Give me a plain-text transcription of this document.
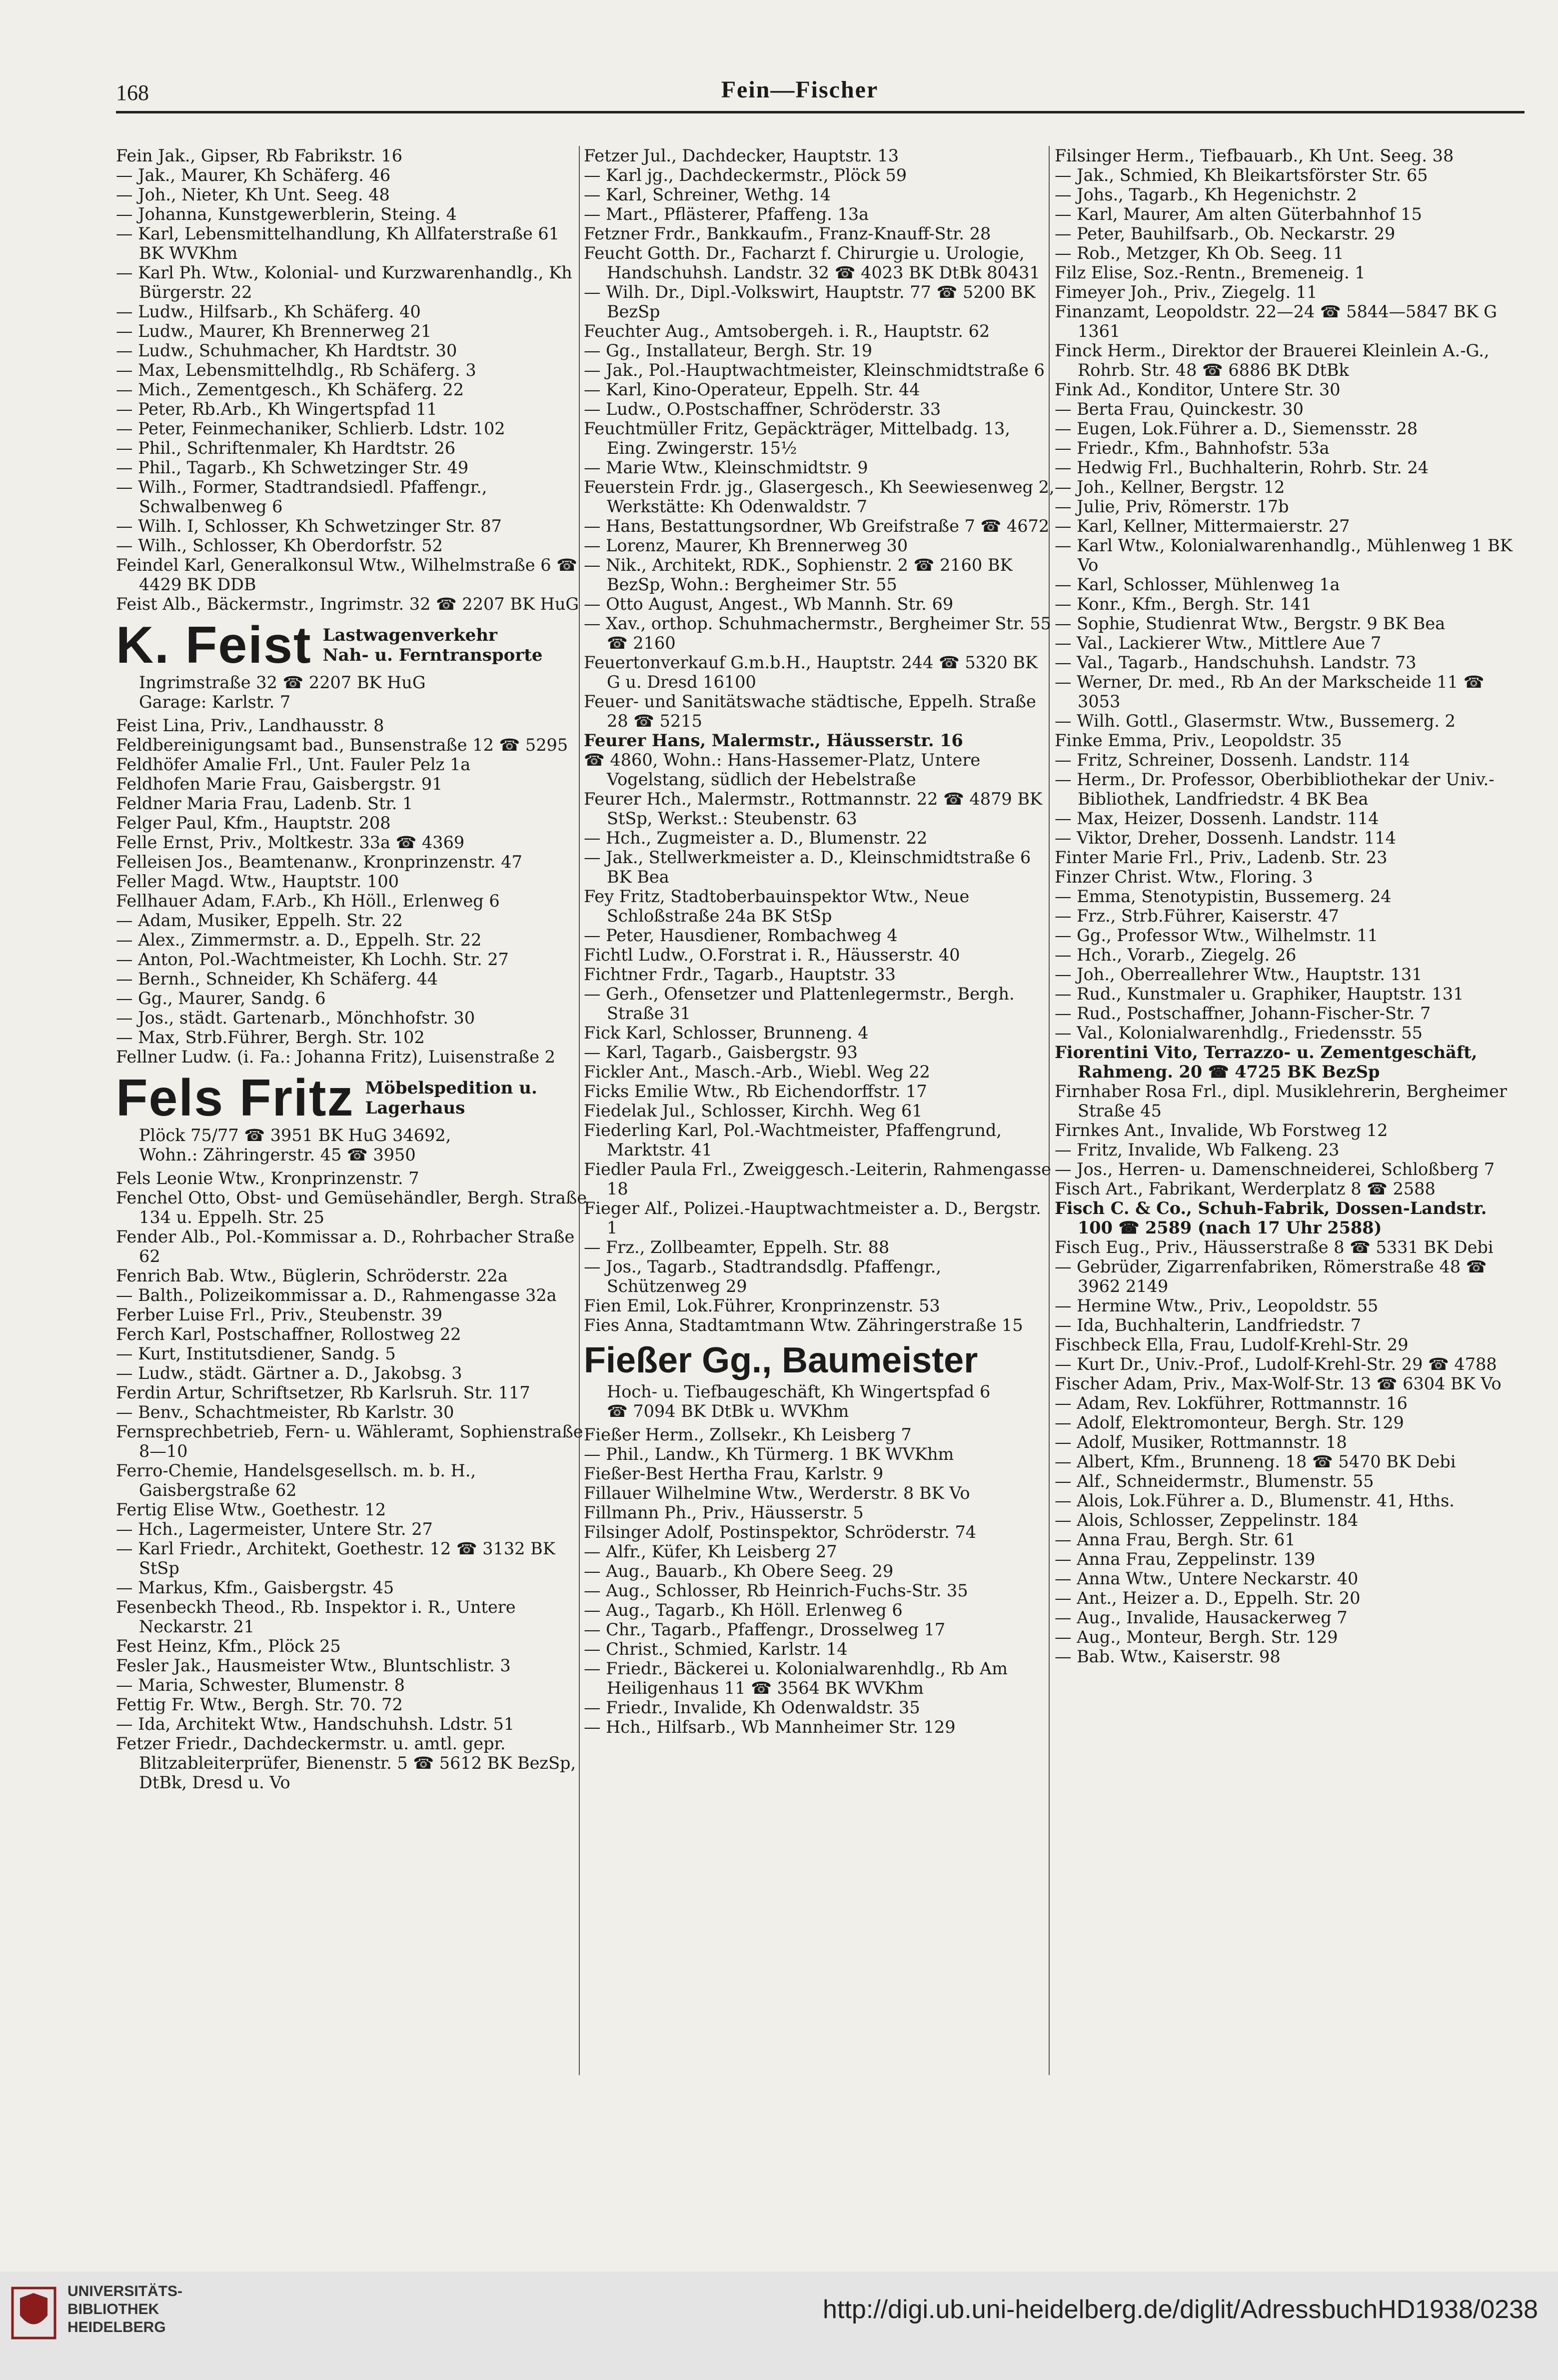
168	Fein—Fischer
Fein Jak., Gipser, Rb Fabrikstr. 16
— Jak., Maurer, Kh Schäferg. 46
— Joh., Nieter, Kh Unt. Seeg. 48
— Johanna, Kunstgewerblerin, Steing. 4
— Karl, Lebensmittelhandlung, Kh Allfaterstraße 61 BK WVKhm
— Karl Ph. Wtw., Kolonial- und Kurzwarenhandlg., Kh Bürgerstr. 22
— Ludw., Hilfsarb., Kh Schäferg. 40
— Ludw., Maurer, Kh Brennerweg 21
— Ludw., Schuhmacher, Kh Hardtstr. 30
— Max, Lebensmittelhdlg., Rb Schäferg. 3
— Mich., Zementgesch., Kh Schäferg. 22
— Peter, Rb.Arb., Kh Wingertspfad 11
— Peter, Feinmechaniker, Schlierb. Ldstr. 102
— Phil., Schriftenmaler, Kh Hardtstr. 26
— Phil., Tagarb., Kh Schwetzinger Str. 49
— Wilh., Former, Stadtrandsiedl. Pfaffengr., Schwalbenweg 6
— Wilh. I, Schlosser, Kh Schwetzinger Str. 87
— Wilh., Schlosser, Kh Oberdorfstr. 52
Feindel Karl, Generalkonsul Wtw., Wilhelmstraße 6 ☎ 4429 BK DDB
Feist Alb., Bäckermstr., Ingrimstr. 32 ☎ 2207 BK HuG
K. Feist Lastwagenverkehr
Nah- u. Ferntransporte
Ingrimstraße 32 ☎ 2207 BK HuG
Garage: Karlstr. 7
Feist Lina, Priv., Landhausstr. 8
Feldbereinigungsamt bad., Bunsenstraße 12 ☎ 5295
Feldhöfer Amalie Frl., Unt. Fauler Pelz 1a
Feldhofen Marie Frau, Gaisbergstr. 91
Feldner Maria Frau, Ladenb. Str. 1
Felger Paul, Kfm., Hauptstr. 208
Felle Ernst, Priv., Moltkestr. 33a ☎ 4369
Felleisen Jos., Beamtenanw., Kronprinzenstr. 47
Feller Magd. Wtw., Hauptstr. 100
Fellhauer Adam, F.Arb., Kh Höll., Erlenweg 6
— Adam, Musiker, Eppelh. Str. 22
— Alex., Zimmermstr. a. D., Eppelh. Str. 22
— Anton, Pol.-Wachtmeister, Kh Lochh. Str. 27
— Bernh., Schneider, Kh Schäferg. 44
— Gg., Maurer, Sandg. 6
— Jos., städt. Gartenarb., Mönchhofstr. 30
— Max, Strb.Führer, Bergh. Str. 102
Fellner Ludw. (i. Fa.: Johanna Fritz), Luisenstraße 2
Fels Fritz Möbelspedition u.
Lagerhaus
Plöck 75/77 ☎ 3951 BK HuG 34692,
Wohn.: Zähringerstr. 45 ☎ 3950
Fels Leonie Wtw., Kronprinzenstr. 7
Fenchel Otto, Obst- und Gemüsehändler, Bergh. Straße 134 u. Eppelh. Str. 25
Fender Alb., Pol.-Kommissar a. D., Rohrbacher Straße 62
Fenrich Bab. Wtw., Büglerin, Schröderstr. 22a
— Balth., Polizeikommissar a. D., Rahmengasse 32a
Ferber Luise Frl., Priv., Steubenstr. 39
Ferch Karl, Postschaffner, Rollostweg 22
— Kurt, Institutsdiener, Sandg. 5
— Ludw., städt. Gärtner a. D., Jakobsg. 3
Ferdin Artur, Schriftsetzer, Rb Karlsruh. Str. 117
— Benv., Schachtmeister, Rb Karlstr. 30
Fernsprechbetrieb, Fern- u. Wähleramt, Sophienstraße 8—10
Ferro-Chemie, Handelsgesellsch. m. b. H., Gaisbergstraße 62
Fertig Elise Wtw., Goethestr. 12
— Hch., Lagermeister, Untere Str. 27
— Karl Friedr., Architekt, Goethestr. 12 ☎ 3132 BK StSp
— Markus, Kfm., Gaisbergstr. 45
Fesenbeckh Theod., Rb. Inspektor i. R., Untere Neckarstr. 21
Fest Heinz, Kfm., Plöck 25
Fesler Jak., Hausmeister Wtw., Bluntschlistr. 3
— Maria, Schwester, Blumenstr. 8
Fettig Fr. Wtw., Bergh. Str. 70. 72
— Ida, Architekt Wtw., Handschuhsh. Ldstr. 51
Fetzer Friedr., Dachdeckermstr. u. amtl. gepr. Blitzableiterprüfer, Bienenstr. 5 ☎ 5612 BK BezSp, DtBk, Dresd u. Vo
Fetzer Jul., Dachdecker, Hauptstr. 13
— Karl jg., Dachdeckermstr., Plöck 59
— Karl, Schreiner, Wethg. 14
— Mart., Pflästerer, Pfaffeng. 13a
Fetzner Frdr., Bankkaufm., Franz-Knauff-Str. 28
Feucht Gotth. Dr., Facharzt f. Chirurgie u. Urologie, Handschuhsh. Landstr. 32 ☎ 4023 BK DtBk 80431
— Wilh. Dr., Dipl.-Volkswirt, Hauptstr. 77 ☎ 5200 BK BezSp
Feuchter Aug., Amtsobergeh. i. R., Hauptstr. 62
— Gg., Installateur, Bergh. Str. 19
— Jak., Pol.-Hauptwachtmeister, Kleinschmidtstraße 6
— Karl, Kino-Operateur, Eppelh. Str. 44
— Ludw., O.Postschaffner, Schröderstr. 33
Feuchtmüller Fritz, Gepäckträger, Mittelbadg. 13, Eing. Zwingerstr. 15½
— Marie Wtw., Kleinschmidtstr. 9
Feuerstein Frdr. jg., Glasergesch., Kh Seewiesenweg 2, Werkstätte: Kh Odenwaldstr. 7
— Hans, Bestattungsordner, Wb Greifstraße 7 ☎ 4672
— Lorenz, Maurer, Kh Brennerweg 30
— Nik., Architekt, RDK., Sophienstr. 2 ☎ 2160 BK BezSp, Wohn.: Bergheimer Str. 55
— Otto August, Angest., Wb Mannh. Str. 69
— Xav., orthop. Schuhmachermstr., Bergheimer Str. 55 ☎ 2160
Feuertonverkauf G.m.b.H., Hauptstr. 244 ☎ 5320 BK G u. Dresd 16100
Feuer- und Sanitätswache städtische, Eppelh. Straße 28 ☎ 5215
Feurer Hans, Malermstr., Häusserstr. 16
☎ 4860, Wohn.: Hans-Hassemer-Platz, Untere Vogelstang, südlich der Hebelstraße
Feurer Hch., Malermstr., Rottmannstr. 22 ☎ 4879 BK StSp, Werkst.: Steubenstr. 63
— Hch., Zugmeister a. D., Blumenstr. 22
— Jak., Stellwerkmeister a. D., Kleinschmidtstraße 6 BK Bea
Fey Fritz, Stadtoberbauinspektor Wtw., Neue Schloßstraße 24a BK StSp
— Peter, Hausdiener, Rombachweg 4
Fichtl Ludw., O.Forstrat i. R., Häusserstr. 40
Fichtner Frdr., Tagarb., Hauptstr. 33
— Gerh., Ofensetzer und Plattenlegermstr., Bergh. Straße 31
Fick Karl, Schlosser, Brunneng. 4
— Karl, Tagarb., Gaisbergstr. 93
Fickler Ant., Masch.-Arb., Wiebl. Weg 22
Ficks Emilie Wtw., Rb Eichendorffstr. 17
Fiedelak Jul., Schlosser, Kirchh. Weg 61
Fiederling Karl, Pol.-Wachtmeister, Pfaffengrund, Marktstr. 41
Fiedler Paula Frl., Zweiggesch.-Leiterin, Rahmengasse 18
Fieger Alf., Polizei.-Hauptwachtmeister a. D., Bergstr. 1
— Frz., Zollbeamter, Eppelh. Str. 88
— Jos., Tagarb., Stadtrandsdlg. Pfaffengr., Schützenweg 29
Fien Emil, Lok.Führer, Kronprinzenstr. 53
Fies Anna, Stadtamtmann Wtw. Zähringerstraße 15
Fießer Gg., Baumeister
Hoch- u. Tiefbaugeschäft, Kh Wingertspfad 6
☎ 7094 BK DtBk u. WVKhm
Fießer Herm., Zollsekr., Kh Leisberg 7
— Phil., Landw., Kh Türmerg. 1 BK WVKhm
Fießer-Best Hertha Frau, Karlstr. 9
Fillauer Wilhelmine Wtw., Werderstr. 8 BK Vo
Fillmann Ph., Priv., Häusserstr. 5
Filsinger Adolf, Postinspektor, Schröderstr. 74
— Alfr., Küfer, Kh Leisberg 27
— Aug., Bauarb., Kh Obere Seeg. 29
— Aug., Schlosser, Rb Heinrich-Fuchs-Str. 35
— Aug., Tagarb., Kh Höll. Erlenweg 6
— Chr., Tagarb., Pfaffengr., Drosselweg 17
— Christ., Schmied, Karlstr. 14
— Friedr., Bäckerei u. Kolonialwarenhdlg., Rb Am Heiligenhaus 11 ☎ 3564 BK WVKhm
— Friedr., Invalide, Kh Odenwaldstr. 35
— Hch., Hilfsarb., Wb Mannheimer Str. 129
Filsinger Herm., Tiefbauarb., Kh Unt. Seeg. 38
— Jak., Schmied, Kh Bleikartsförster Str. 65
— Johs., Tagarb., Kh Hegenichstr. 2
— Karl, Maurer, Am alten Güterbahnhof 15
— Peter, Bauhilfsarb., Ob. Neckarstr. 29
— Rob., Metzger, Kh Ob. Seeg. 11
Filz Elise, Soz.-Rentn., Bremeneig. 1
Fimeyer Joh., Priv., Ziegelg. 11
Finanzamt, Leopoldstr. 22—24 ☎ 5844—5847 BK G 1361
Finck Herm., Direktor der Brauerei Kleinlein A.-G., Rohrb. Str. 48 ☎ 6886 BK DtBk
Fink Ad., Konditor, Untere Str. 30
— Berta Frau, Quinckestr. 30
— Eugen, Lok.Führer a. D., Siemensstr. 28
— Friedr., Kfm., Bahnhofstr. 53a
— Hedwig Frl., Buchhalterin, Rohrb. Str. 24
— Joh., Kellner, Bergstr. 12
— Julie, Priv, Römerstr. 17b
— Karl, Kellner, Mittermaierstr. 27
— Karl Wtw., Kolonialwarenhandlg., Mühlenweg 1 BK Vo
— Karl, Schlosser, Mühlenweg 1a
— Konr., Kfm., Bergh. Str. 141
— Sophie, Studienrat Wtw., Bergstr. 9 BK Bea
— Val., Lackierer Wtw., Mittlere Aue 7
— Val., Tagarb., Handschuhsh. Landstr. 73
— Werner, Dr. med., Rb An der Markscheide 11 ☎ 3053
— Wilh. Gottl., Glasermstr. Wtw., Bussemerg. 2
Finke Emma, Priv., Leopoldstr. 35
— Fritz, Schreiner, Dossenh. Landstr. 114
— Herm., Dr. Professor, Oberbibliothekar der Univ.-Bibliothek, Landfriedstr. 4 BK Bea
— Max, Heizer, Dossenh. Landstr. 114
— Viktor, Dreher, Dossenh. Landstr. 114
Finter Marie Frl., Priv., Ladenb. Str. 23
Finzer Christ. Wtw., Floring. 3
— Emma, Stenotypistin, Bussemerg. 24
— Frz., Strb.Führer, Kaiserstr. 47
— Gg., Professor Wtw., Wilhelmstr. 11
— Hch., Vorarb., Ziegelg. 26
— Joh., Oberreallehrer Wtw., Hauptstr. 131
— Rud., Kunstmaler u. Graphiker, Hauptstr. 131
— Rud., Postschaffner, Johann-Fischer-Str. 7
— Val., Kolonialwarenhdlg., Friedensstr. 55
Fiorentini Vito, Terrazzo- u. Zementgeschäft, Rahmeng. 20 ☎ 4725 BK BezSp
Firnhaber Rosa Frl., dipl. Musiklehrerin, Bergheimer Straße 45
Firnkes Ant., Invalide, Wb Forstweg 12
— Fritz, Invalide, Wb Falkeng. 23
— Jos., Herren- u. Damenschneiderei, Schloßberg 7
Fisch Art., Fabrikant, Werderplatz 8 ☎ 2588
Fisch C. & Co., Schuh-Fabrik, Dossen-Landstr. 100 ☎ 2589 (nach 17 Uhr 2588)
Fisch Eug., Priv., Häusserstraße 8 ☎ 5331 BK Debi
— Gebrüder, Zigarrenfabriken, Römerstraße 48 ☎ 3962 2149
— Hermine Wtw., Priv., Leopoldstr. 55
— Ida, Buchhalterin, Landfriedstr. 7
Fischbeck Ella, Frau, Ludolf-Krehl-Str. 29
— Kurt Dr., Univ.-Prof., Ludolf-Krehl-Str. 29 ☎ 4788
Fischer Adam, Priv., Max-Wolf-Str. 13 ☎ 6304 BK Vo
— Adam, Rev. Lokführer, Rottmannstr. 16
— Adolf, Elektromonteur, Bergh. Str. 129
— Adolf, Musiker, Rottmannstr. 18
— Albert, Kfm., Brunneng. 18 ☎ 5470 BK Debi
— Alf., Schneidermstr., Blumenstr. 55
— Alois, Lok.Führer a. D., Blumenstr. 41, Hths.
— Alois, Schlosser, Zeppelinstr. 184
— Anna Frau, Bergh. Str. 61
— Anna Frau, Zeppelinstr. 139
— Anna Wtw., Untere Neckarstr. 40
— Ant., Heizer a. D., Eppelh. Str. 20
— Aug., Invalide, Hausackerweg 7
— Aug., Monteur, Bergh. Str. 129
— Bab. Wtw., Kaiserstr. 98
UNIVERSITÄTS-
BIBLIOTHEK
HEIDELBERG
http://digi.ub.uni-heidelberg.de/diglit/AdressbuchHD1938/0238
